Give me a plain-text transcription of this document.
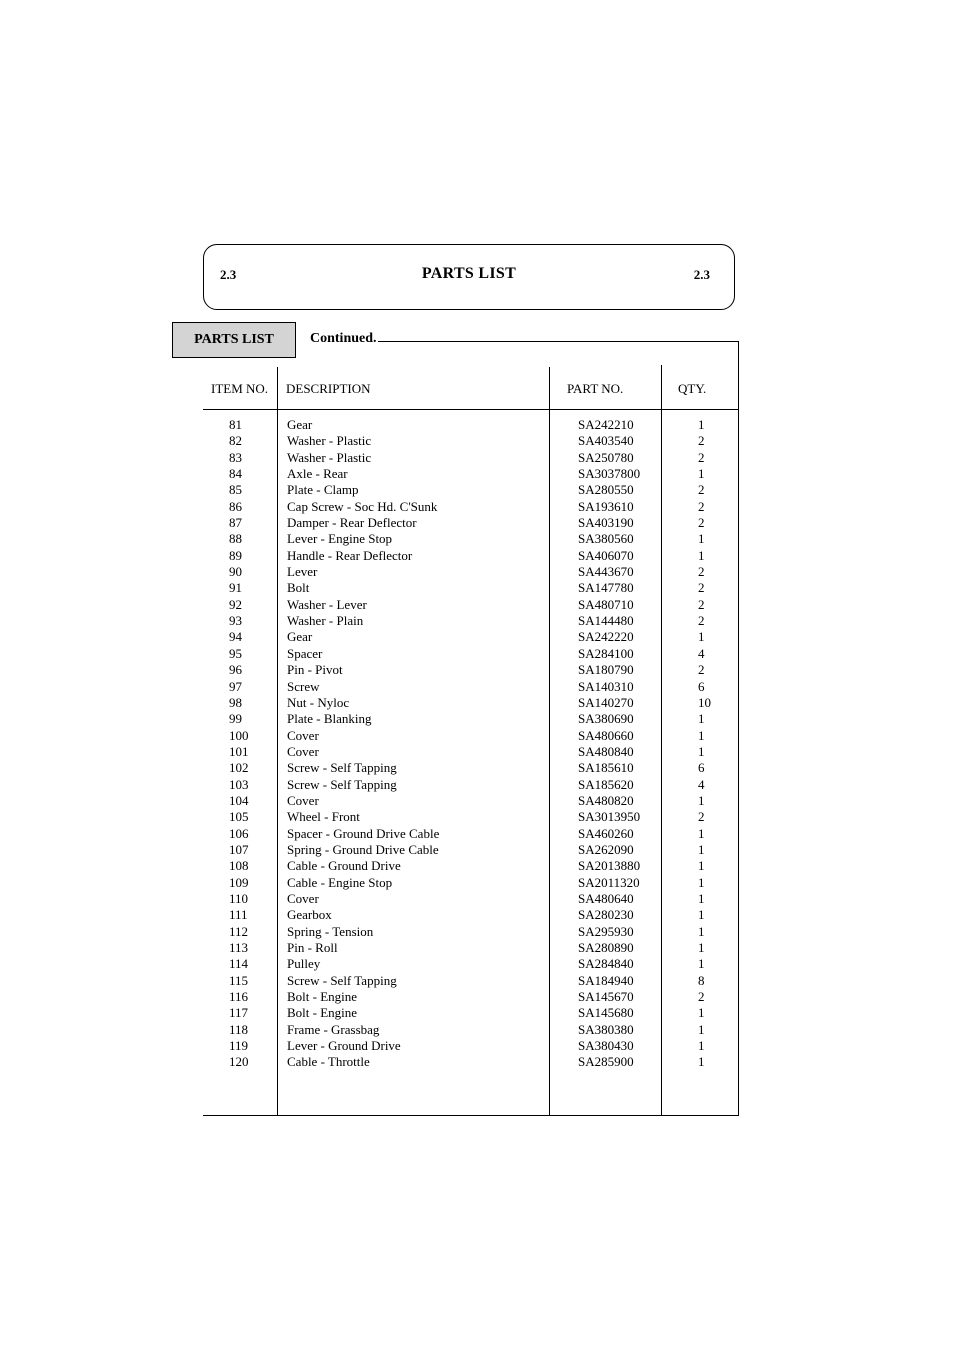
2.3	PARTS LIST	2.3
PARTS LIST	Continued.
ITEM NO. DESCRIPTION	PART NO.	QTY.
81	Gear	SA242210	1
82	Washer - Plastic	SA403540	2
83	Washer - Plastic	SA250780	2
84	Axle - Rear	SA3037800	1
85	Plate - Clamp	SA280550	2
86	Cap Screw - Soc Hd. C'Sunk	SA193610	2
87	Damper - Rear Deflector	SA403190	2
88	Lever - Engine Stop	SA380560	1
89	Handle - Rear Deflector	SA406070	1
90	Lever	SA443670	2
91	Bolt	SA147780	2
92	Washer - Lever	SA480710	2
93	Washer - Plain	SA144480	2
94	Gear	SA242220	1
95	Spacer	SA284100	4
96	Pin - Pivot	SA180790	2
97	Screw	SA140310	6
98	Nut - Nyloc	SA140270	10
99	Plate - Blanking	SA380690	1
100	Cover	SA480660	1
101	Cover	SA480840	1
102	Screw - Self Tapping	SA185610	6
103	Screw - Self Tapping	SA185620	4
104	Cover	SA480820	1
105	Wheel - Front	SA3013950	2
106	Spacer - Ground Drive Cable	SA460260	1
107	Spring - Ground Drive Cable	SA262090	1
108	Cable - Ground Drive	SA2013880	1
109	Cable - Engine Stop	SA2011320	1
110	Cover	SA480640	1
111	Gearbox	SA280230	1
112	Spring - Tension	SA295930	1
113	Pin - Roll	SA280890	1
114	Pulley	SA284840	1
115	Screw - Self Tapping	SA184940	8
116	Bolt - Engine	SA145670	2
117	Bolt - Engine	SA145680	1
118	Frame - Grassbag	SA380380	1
119	Lever - Ground Drive	SA380430	1
120	Cable - Throttle	SA285900	1
